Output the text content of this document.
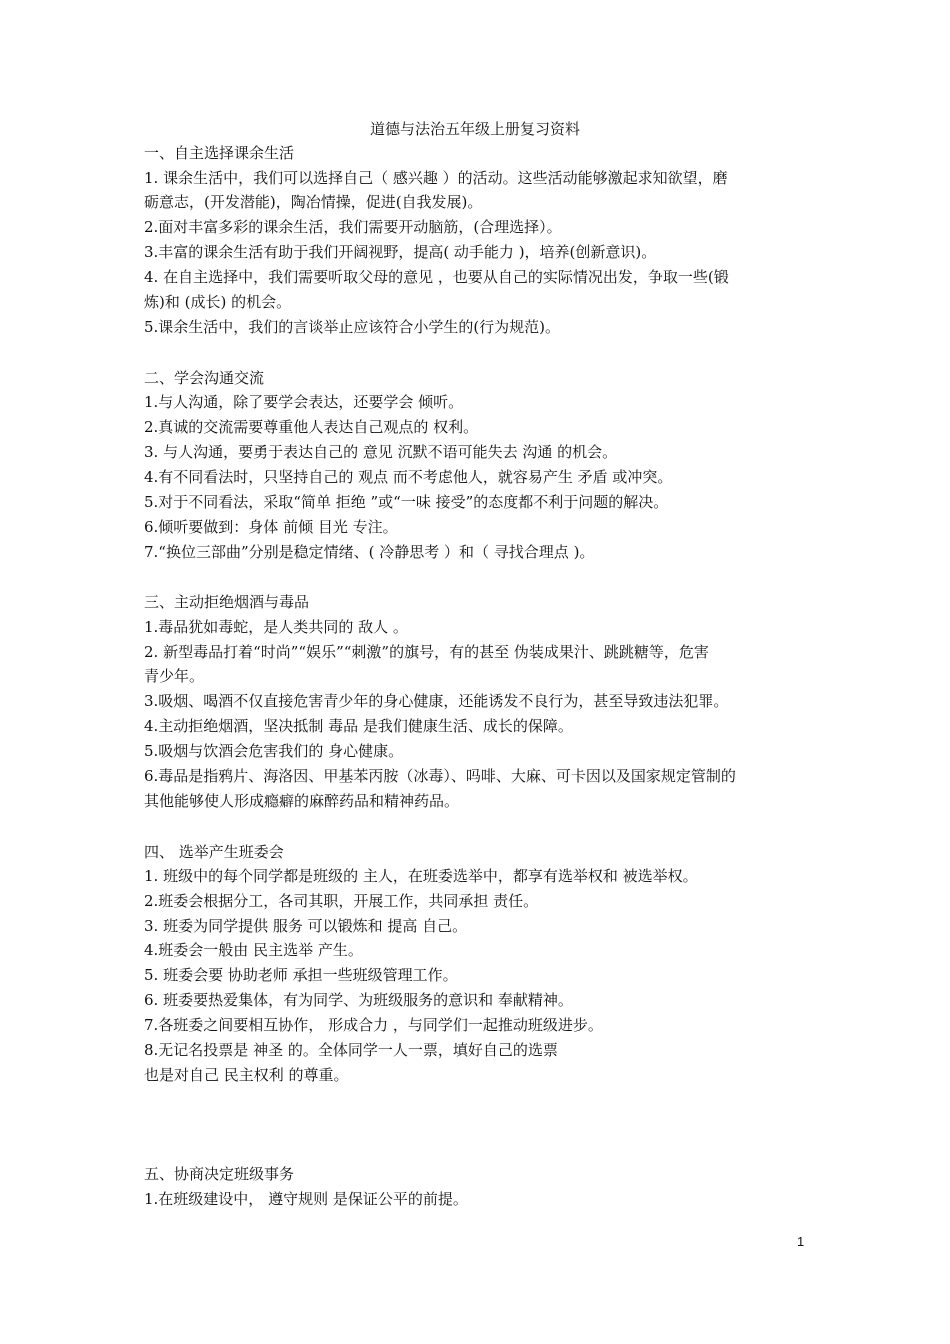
道德与法治五年级上册复习资料
一、自主选择课余生活
1. 课余生活中，我们可以选择自己（ 感兴趣 ）的活动。这些活动能够激起求知欲望，磨
砺意志，(开发潜能)，陶冶情操，促进(自我发展)。
2.面对丰富多彩的课余生活，我们需要开动脑筋，(合理选择）。
3.丰富的课余生活有助于我们开阔视野，提高( 动手能力 )，培养(创新意识)。
4. 在自主选择中，我们需要听取父母的意见 ，也要从自己的实际情况出发，争取一些(锻
炼)和 (成长) 的机会。
5.课余生活中，我们的言谈举止应该符合小学生的(行为规范)。
二、学会沟通交流
1.与人沟通，除了要学会表达，还要学会 倾听。
2.真诚的交流需要尊重他人表达自己观点的 权利。
3. 与人沟通，要勇于表达自己的 意见 沉默不语可能失去 沟通 的机会。
4.有不同看法时，只坚持自己的 观点 而不考虑他人，就容易产生 矛盾 或冲突。
5.对于不同看法，采取“简单 拒绝 ”或“一味 接受”的态度都不利于问题的解决。
6.倾听要做到：身体 前倾 目光 专注。
7.“换位三部曲”分别是稳定情绪、( 冷静思考 ）和（ 寻找合理点 )。
三、主动拒绝烟酒与毒品
1.毒品犹如毒蛇，是人类共同的 敌人 。
2. 新型毒品打着“时尚”“娱乐”“刺激”的旗号，有的甚至 伪装成果汁、跳跳糖等，危害
青少年。
3.吸烟、喝酒不仅直接危害青少年的身心健康，还能诱发不良行为，甚至导致违法犯罪。
4.主动拒绝烟酒，坚决抵制 毒品 是我们健康生活、成长的保障。
5.吸烟与饮酒会危害我们的 身心健康。
6.毒品是指鸦片、海洛因、甲基苯丙胺（冰毒）、吗啡、大麻、可卡因以及国家规定管制的
其他能够使人形成瘾癖的麻醉药品和精神药品。
四、 选举产生班委会
1. 班级中的每个同学都是班级的 主人，在班委选举中，都享有选举权和 被选举权。
2.班委会根据分工，各司其职，开展工作，共同承担 责任。
3. 班委为同学提供 服务 可以锻炼和 提高 自己。
4.班委会一般由 民主选举 产生。
5. 班委会要 协助老师 承担一些班级管理工作。
6. 班委要热爱集体，有为同学、为班级服务的意识和 奉献精神。
7.各班委之间要相互协作， 形成合力 ，与同学们一起推动班级进步。
8.无记名投票是 神圣 的。全体同学一人一票，填好自己的选票
也是对自己 民主权利 的尊重。
五、协商决定班级事务
1.在班级建设中， 遵守规则 是保证公平的前提。
1
